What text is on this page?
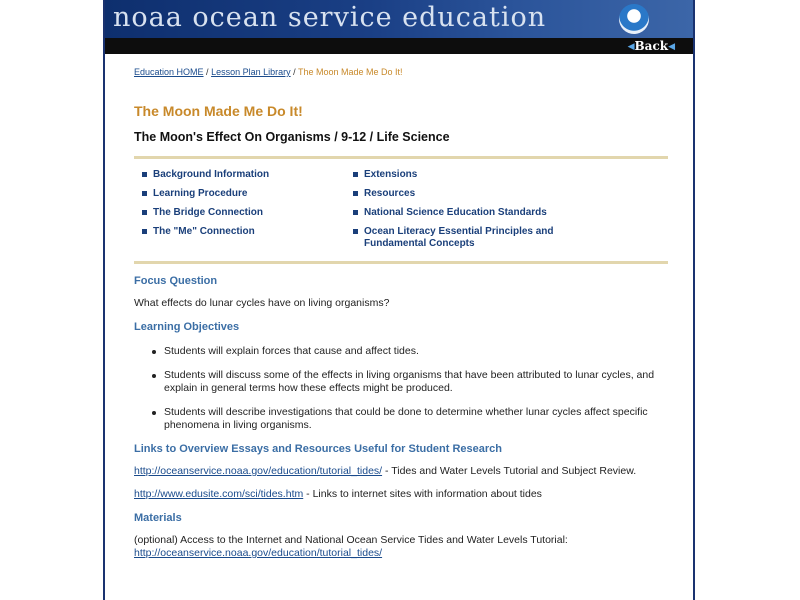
noaa ocean service education
◀Back◀
Education HOME / Lesson Plan Library / The Moon Made Me Do It!
The Moon Made Me Do It!
The Moon's Effect On Organisms / 9-12 / Life Science
Background Information
Learning Procedure
The Bridge Connection
The "Me" Connection
Extensions
Resources
National Science Education Standards
Ocean Literacy Essential Principles and Fundamental Concepts
Focus Question

What effects do lunar cycles have on living organisms?

Learning Objectives
Students will explain forces that cause and affect tides.
Students will discuss some of the effects in living organisms that have been attributed to lunar cycles, and explain in general terms how these effects might be produced.
Students will describe investigations that could be done to determine whether lunar cycles affect specific phenomena in living organisms.
Links to Overview Essays and Resources Useful for Student Research

http://oceanservice.noaa.gov/education/tutorial_tides/ - Tides and Water Levels Tutorial and Subject Review.

http://www.edusite.com/sci/tides.htm - Links to internet sites with information about tides

Materials

(optional) Access to the Internet and National Ocean Service Tides and Water Levels Tutorial:
http://oceanservice.noaa.gov/education/tutorial_tides/
